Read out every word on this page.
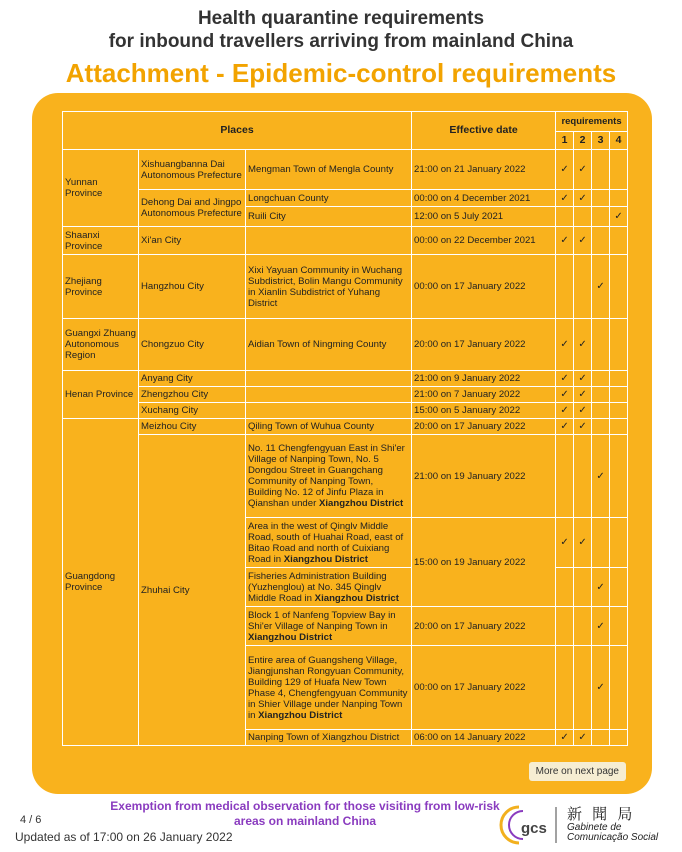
Health quarantine requirements
for inbound travellers arriving from mainland China
Attachment - Epidemic-control requirements
Places			Effective date	requirements			
				1	2	3	4
Yunnan Province	Xishuangbanna Dai Autonomous Prefecture	Mengman Town of Mengla County	21:00 on 21 January 2022	✓	✓		
	Dehong Dai and Jingpo Autonomous Prefecture	Longchuan County	00:00 on 4 December 2021	✓	✓		
		Ruili City	12:00 on 5 July 2021				✓
Shaanxi Province	Xi'an City		00:00 on 22 December 2021	✓	✓		
Zhejiang Province	Hangzhou City	Xixi Yayuan Community in Wuchang Subdistrict, Bolin Mangu Community in Xianlin Subdistrict of Yuhang District	00:00 on 17 January 2022			✓	
Guangxi Zhuang Autonomous Region	Chongzuo City	Aidian Town of Ningming County	20:00 on 17 January 2022	✓	✓		
Henan Province	Anyang City		21:00 on 9 January 2022	✓	✓		
	Zhengzhou City		21:00 on 7 January 2022	✓	✓		
	Xuchang City		15:00 on 5 January 2022	✓	✓		
Guangdong Province	Meizhou City	Qiling Town of Wuhua County	20:00 on 17 January 2022	✓	✓		
	Zhuhai City	No. 11 Chengfengyuan East in Shi'er Village of Nanping Town, No. 5 Dongdou Street in Guangchang Community of Nanping Town, Building No. 12 of Jinfu Plaza in Qianshan under Xiangzhou District	21:00 on 19 January 2022			✓	
		Area in the west of Qinglv Middle Road, south of Huahai Road, east of Bitao Road and north of Cuixiang Road in Xiangzhou District	15:00 on 19 January 2022	✓	✓		
		Fisheries Administration Building (Yuzhenglou) at No. 345 Qinglv Middle Road in Xiangzhou District				✓	
		Block 1 of Nanfeng Topview Bay in Shi'er Village of Nanping Town in Xiangzhou District	20:00 on 17 January 2022			✓	
		Entire area of Guangsheng Village, Jiangjunshan Rongyuan Community, Building 129 of Huafa New Town Phase 4, Chengfengyuan Community in Shier Village under Nanping Town in Xiangzhou District	00:00 on 17 January 2022			✓	
		Nanping Town of Xiangzhou District	06:00 on 14 January 2022	✓	✓		
More on next page
Exemption from medical observation for those visiting from low-risk areas on mainland China
4 / 6
Updated as of 17:00 on 26 January 2022	gcs
新 聞 局
Gabinete de
Comunicação Social
